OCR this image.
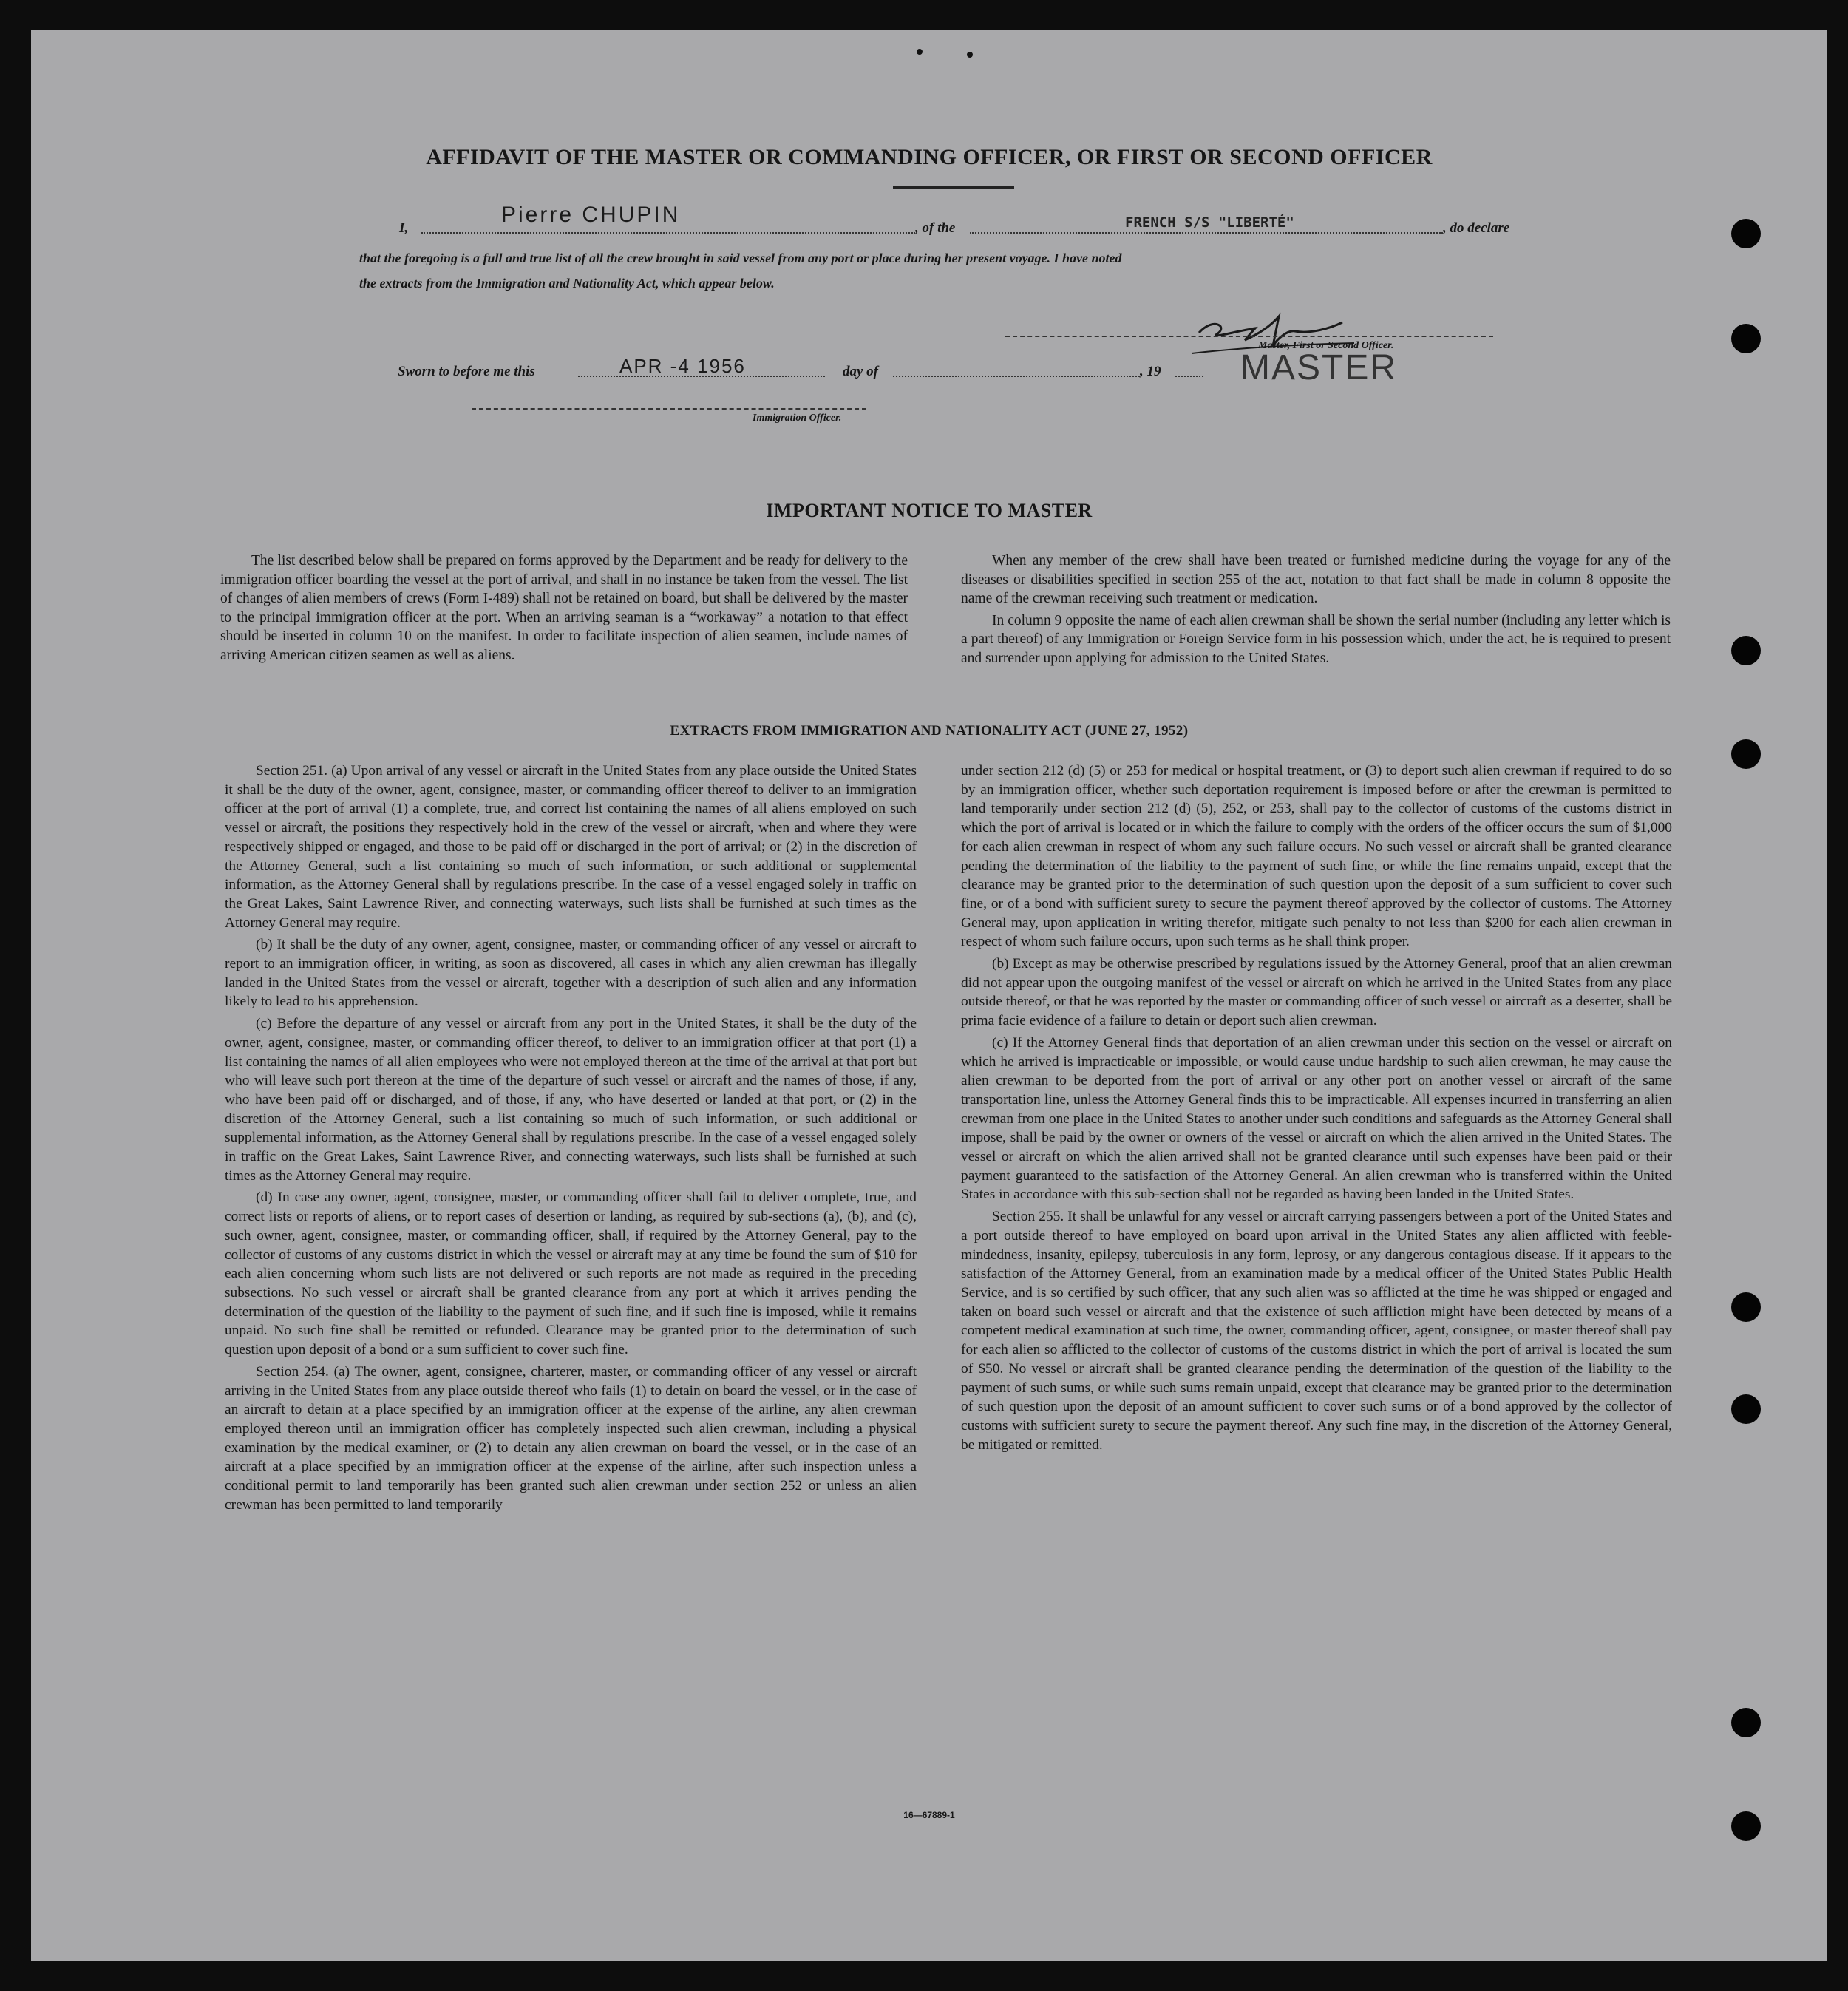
AFFIDAVIT OF THE MASTER OR COMMANDING OFFICER, OR FIRST OR SECOND OFFICER
I,
Pierre CHUPIN
, of the	FRENCH S/S "LIBERTÉ"	, do declare
that the foregoing is a full and true list of all the crew brought in said vessel from any port or place during her present voyage. I have noted
the extracts from the Immigration and Nationality Act, which appear below.
Master, First or Second Officer.
Sworn to before me this	APR -4 1956	day of	, 19 MASTER
Immigration Officer.
IMPORTANT NOTICE TO MASTER

The list described below shall be prepared on forms approved by the Department and be ready for delivery to the immigration officer boarding the vessel at the port of arrival, and shall in no instance be taken from the vessel. The list of changes of alien members of crews (Form I-489) shall not be retained on board, but shall be delivered by the master to the principal immigration officer at the port. When an arriving seaman is a “workaway” a notation to that effect should be inserted in column 10 on the manifest. In order to facilitate inspection of alien seamen, include names of arriving American citizen seamen as well as aliens.

When any member of the crew shall have been treated or furnished medicine during the voyage for any of the diseases or disabilities specified in section 255 of the act, notation to that fact shall be made in column 8 opposite the name of the crewman receiving such treatment or medication.

In column 9 opposite the name of each alien crewman shall be shown the serial number (including any letter which is a part thereof) of any Immigration or Foreign Service form in his possession which, under the act, he is required to present and surrender upon applying for admission to the United States.

EXTRACTS FROM IMMIGRATION AND NATIONALITY ACT (JUNE 27, 1952)

Section 251. (a) Upon arrival of any vessel or aircraft in the United States from any place outside the United States it shall be the duty of the owner, agent, consignee, master, or commanding officer thereof to deliver to an immigration officer at the port of arrival (1) a complete, true, and correct list containing the names of all aliens employed on such vessel or aircraft, the positions they respectively hold in the crew of the vessel or aircraft, when and where they were respectively shipped or engaged, and those to be paid off or discharged in the port of arrival; or (2) in the discretion of the Attorney General, such a list containing so much of such information, or such additional or supplemental information, as the Attorney General shall by regulations prescribe. In the case of a vessel engaged solely in traffic on the Great Lakes, Saint Lawrence River, and connecting waterways, such lists shall be furnished at such times as the Attorney General may require.

(b) It shall be the duty of any owner, agent, consignee, master, or commanding officer of any vessel or aircraft to report to an immigration officer, in writing, as soon as discovered, all cases in which any alien crewman has illegally landed in the United States from the vessel or aircraft, together with a description of such alien and any information likely to lead to his apprehension.

(c) Before the departure of any vessel or aircraft from any port in the United States, it shall be the duty of the owner, agent, consignee, master, or commanding officer thereof, to deliver to an immigration officer at that port (1) a list containing the names of all alien employees who were not employed thereon at the time of the arrival at that port but who will leave such port thereon at the time of the departure of such vessel or aircraft and the names of those, if any, who have been paid off or discharged, and of those, if any, who have deserted or landed at that port, or (2) in the discretion of the Attorney General, such a list containing so much of such information, or such additional or supplemental information, as the Attorney General shall by regulations prescribe. In the case of a vessel engaged solely in traffic on the Great Lakes, Saint Lawrence River, and connecting waterways, such lists shall be furnished at such times as the Attorney General may require.

(d) In case any owner, agent, consignee, master, or commanding officer shall fail to deliver complete, true, and correct lists or reports of aliens, or to report cases of desertion or landing, as required by sub-sections (a), (b), and (c), such owner, agent, consignee, master, or commanding officer, shall, if required by the Attorney General, pay to the collector of customs of any customs district in which the vessel or aircraft may at any time be found the sum of $10 for each alien concerning whom such lists are not delivered or such reports are not made as required in the preceding subsections. No such vessel or aircraft shall be granted clearance from any port at which it arrives pending the determination of the question of the liability to the payment of such fine, and if such fine is imposed, while it remains unpaid. No such fine shall be remitted or refunded. Clearance may be granted prior to the determination of such question upon deposit of a bond or a sum sufficient to cover such fine.

Section 254. (a) The owner, agent, consignee, charterer, master, or commanding officer of any vessel or aircraft arriving in the United States from any place outside thereof who fails (1) to detain on board the vessel, or in the case of an aircraft to detain at a place specified by an immigration officer at the expense of the airline, any alien crewman employed thereon until an immigration officer has completely inspected such alien crewman, including a physical examination by the medical examiner, or (2) to detain any alien crewman on board the vessel, or in the case of an aircraft at a place specified by an immigration officer at the expense of the airline, after such inspection unless a conditional permit to land temporarily has been granted such alien crewman under section 252 or unless an alien crewman has been permitted to land temporarily

under section 212 (d) (5) or 253 for medical or hospital treatment, or (3) to deport such alien crewman if required to do so by an immigration officer, whether such deportation requirement is imposed before or after the crewman is permitted to land temporarily under section 212 (d) (5), 252, or 253, shall pay to the collector of customs of the customs district in which the port of arrival is located or in which the failure to comply with the orders of the officer occurs the sum of $1,000 for each alien crewman in respect of whom any such failure occurs. No such vessel or aircraft shall be granted clearance pending the determination of the liability to the payment of such fine, or while the fine remains unpaid, except that the clearance may be granted prior to the determination of such question upon the deposit of a sum sufficient to cover such fine, or of a bond with sufficient surety to secure the payment thereof approved by the collector of customs. The Attorney General may, upon application in writing therefor, mitigate such penalty to not less than $200 for each alien crewman in respect of whom such failure occurs, upon such terms as he shall think proper.

(b) Except as may be otherwise prescribed by regulations issued by the Attorney General, proof that an alien crewman did not appear upon the outgoing manifest of the vessel or aircraft on which he arrived in the United States from any place outside thereof, or that he was reported by the master or commanding officer of such vessel or aircraft as a deserter, shall be prima facie evidence of a failure to detain or deport such alien crewman.

(c) If the Attorney General finds that deportation of an alien crewman under this section on the vessel or aircraft on which he arrived is impracticable or impossible, or would cause undue hardship to such alien crewman, he may cause the alien crewman to be deported from the port of arrival or any other port on another vessel or aircraft of the same transportation line, unless the Attorney General finds this to be impracticable. All expenses incurred in transferring an alien crewman from one place in the United States to another under such conditions and safeguards as the Attorney General shall impose, shall be paid by the owner or owners of the vessel or aircraft on which the alien arrived in the United States. The vessel or aircraft on which the alien arrived shall not be granted clearance until such expenses have been paid or their payment guaranteed to the satisfaction of the Attorney General. An alien crewman who is transferred within the United States in accordance with this sub-section shall not be regarded as having been landed in the United States.

Section 255. It shall be unlawful for any vessel or aircraft carrying passengers between a port of the United States and a port outside thereof to have employed on board upon arrival in the United States any alien afflicted with feeble-mindedness, insanity, epilepsy, tuberculosis in any form, leprosy, or any dangerous contagious disease. If it appears to the satisfaction of the Attorney General, from an examination made by a medical officer of the United States Public Health Service, and is so certified by such officer, that any such alien was so afflicted at the time he was shipped or engaged and taken on board such vessel or aircraft and that the existence of such affliction might have been detected by means of a competent medical examination at such time, the owner, commanding officer, agent, consignee, or master thereof shall pay for each alien so afflicted to the collector of customs of the customs district in which the port of arrival is located the sum of $50. No vessel or aircraft shall be granted clearance pending the determination of the question of the liability to the payment of such sums, or while such sums remain unpaid, except that clearance may be granted prior to the determination of such question upon the deposit of an amount sufficient to cover such sums or of a bond approved by the collector of customs with sufficient surety to secure the payment thereof. Any such fine may, in the discretion of the Attorney General, be mitigated or remitted.

16—67889-1
